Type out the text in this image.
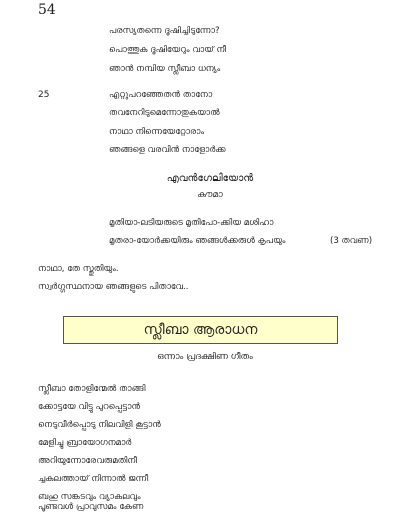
54
പരസ്യതന്നെ ദൂഷിച്ചിടുന്നോ?
പൊത്തുക ദൂഷിയേറും വായ് നീ
ഞാൻ നമ്പിയ സ്ലീബാ ധന്യം
25	എറ്റുപറഞ്ഞേതൻ താനോ
തവനേറിടുമെന്നോതുകയാൽ
നാഥാ നിന്നെയേറ്റോരാം
ഞങ്ങളെ വരവിൻ നാളോർക്ക
എവൻഗേലിയോൻ
കൗമാ
മൃതിയാ-ലടിയരുടെ മൃതിപോ-ക്കിയ മശിഹാ
മൃതരാ-യോർക്കയിരും ഞങ്ങൾക്കരുൾ കൃപയും	(3 തവണ)
നാഥാ, തേ സ്തുതിയും.
സ്വർഗ്ഗസ്ഥനായ ഞങ്ങളുടെ പിതാവേ..
സ്ലീബാ ആരാധന
ഒന്നാം പ്രദക്ഷിണ ഗീതം
സ്ലീബാ തോളിന്മേൽ താങ്ങി
ക്കോട്ടയേ വിട്ടു പുറപ്പെട്ടാൻ
നെടുവീർപ്പൊടു നിലവിളി കൂട്ടാൻ
മേളിച്ചു ബ്രായോഗനമാർ
അറിയുന്നോരേവരുമതിനീ
ച്ചകലത്തായ് നിന്നാൽ ജന്നീ
ബഹു സങ്കടവും വ്യാകലവും
പൂണ്ടവൾ പ്രാവുസമം കേണ
